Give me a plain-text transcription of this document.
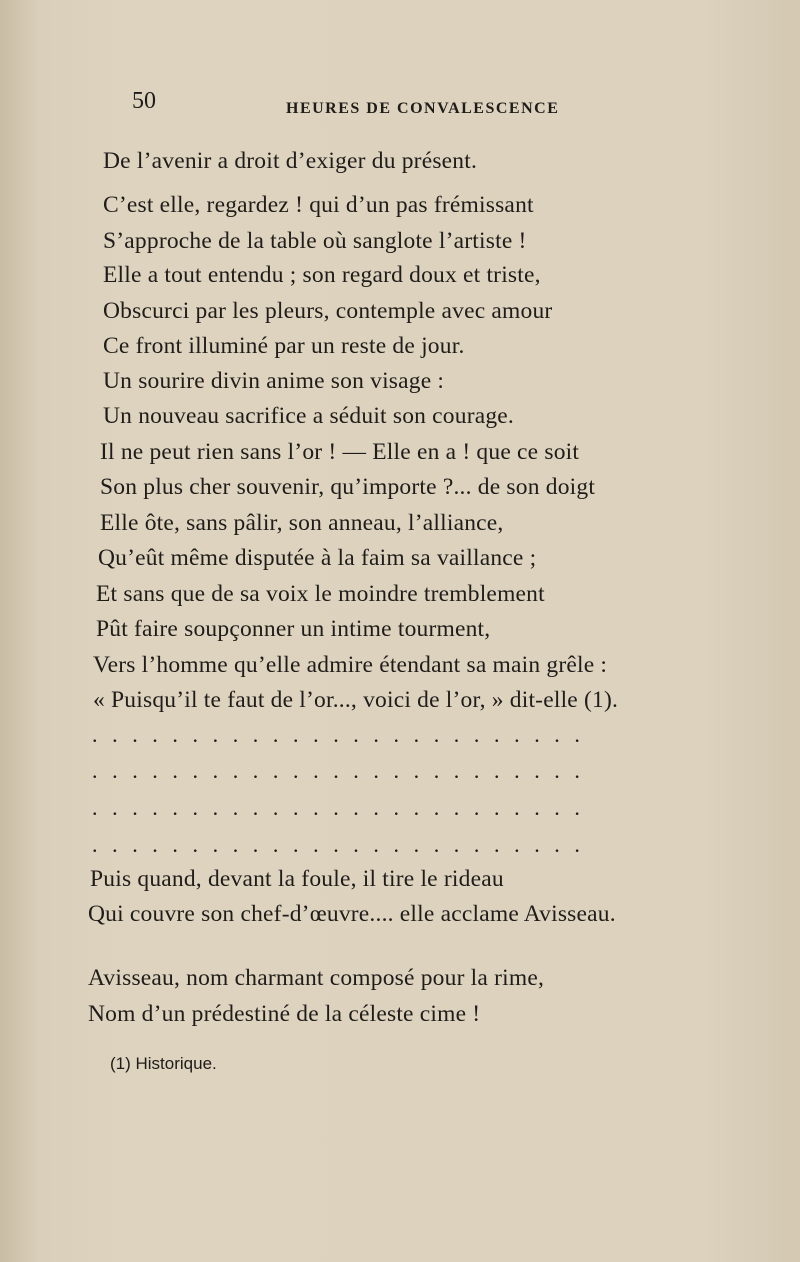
50	HEURES DE CONVALESCENCE
De l’avenir a droit d’exiger du présent.
C’est elle, regardez ! qui d’un pas frémissant
S’approche de la table où sanglote l’artiste !
Elle a tout entendu ; son regard doux et triste,
Obscurci par les pleurs, contemple avec amour
Ce front illuminé par un reste de jour.
Un sourire divin anime son visage :
Un nouveau sacrifice a séduit son courage.
Il ne peut rien sans l’or ! — Elle en a ! que ce soit
Son plus cher souvenir, qu’importe ?... de son doigt
Elle ôte, sans pâlir, son anneau, l’alliance,
Qu’eût même disputée à la faim sa vaillance ;
Et sans que de sa voix le moindre tremblement
Pût faire soupçonner un intime tourment,
Vers l’homme qu’elle admire étendant sa main grêle :
« Puisqu’il te faut de l’or..., voici de l’or, » dit-elle (1).
.........................
.........................
.........................
.........................
Puis quand, devant la foule, il tire le rideau
Qui couvre son chef-d’œuvre.... elle acclame Avisseau.
Avisseau, nom charmant composé pour la rime,
Nom d’un prédestiné de la céleste cime !
(1) Historique.
